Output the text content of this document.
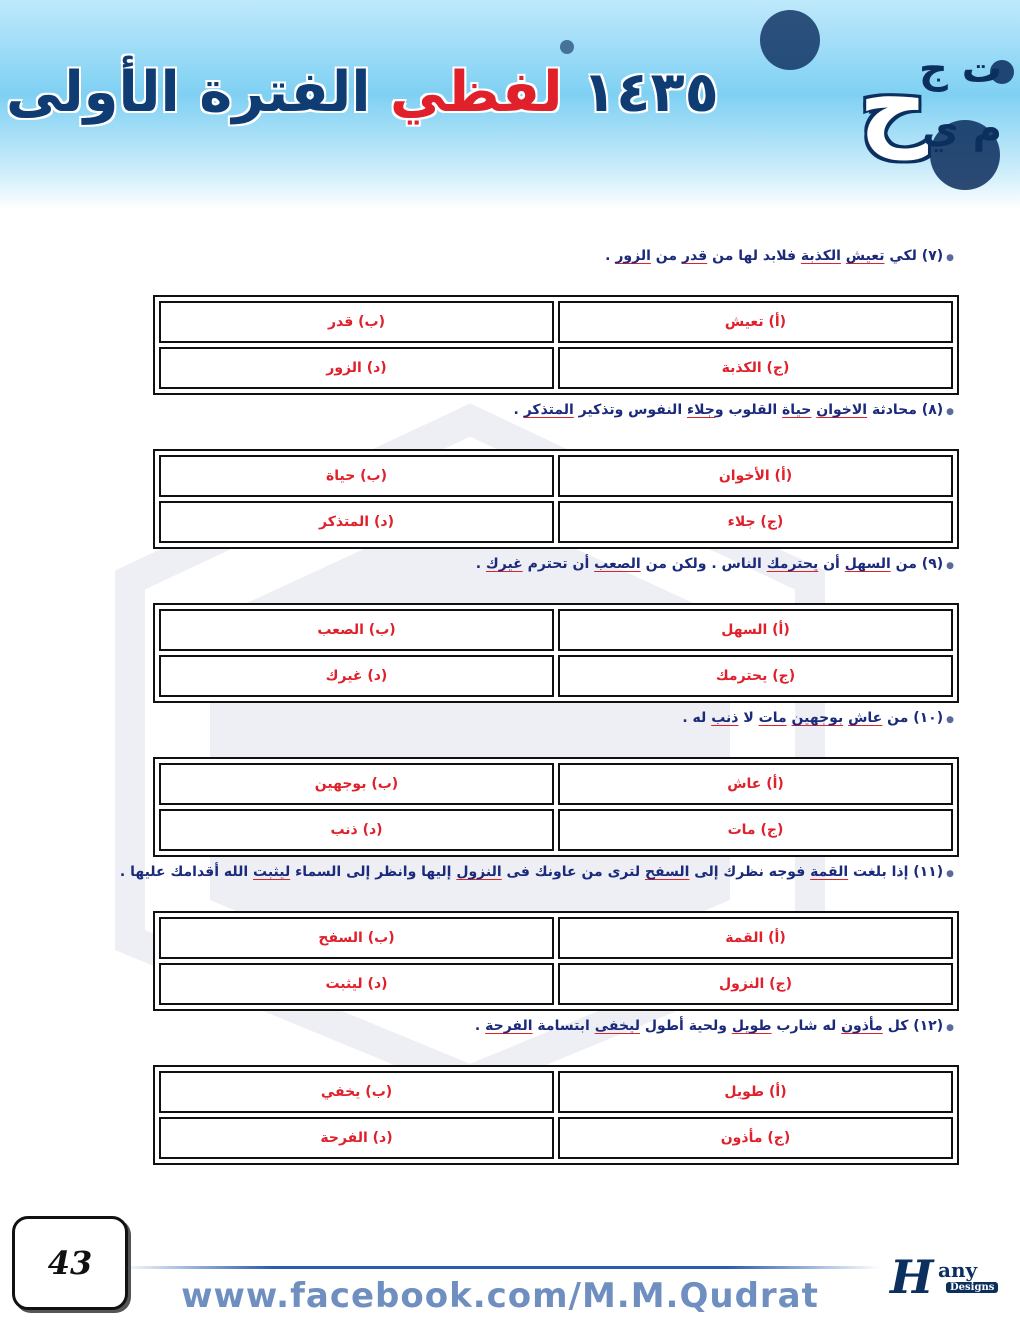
١٤٣٥ لفظي الفترة الأولى	ح
ت ج
م ي
●(٧) لكي تعيش الكذبة فلابد لها من قدر من الزور .
(أ) تعيش	(ب) قدر
(ج) الكذبة	(د) الزور
●(٨) محادثة الاخوان حياة القلوب وجلاء النفوس وتذكير المتذكر .
(أ) الأخوان	(ب) حياة
(ج) جلاء	(د) المتذكر
●(٩) من السهل أن يحترمك الناس . ولكن من الصعب أن تحترم غيرك .
(أ) السهل	(ب) الصعب
(ج) يحترمك	(د) غيرك
●(١٠) من عاش بوجهين مات لا ذنب له .
(أ) عاش	(ب) بوجهين
(ج) مات	(د) ذنب
●(١١) إذا بلغت القمة فوجه نظرك إلى السفح لترى من عاونك فى النزول إليها وانظر إلى السماء ليثبت الله أقدامك عليها .
(أ) القمة	(ب) السفح
(ج) النزول	(د) ليثبت
●(١٢) كل مأذون له شارب طويل ولحية أطول ليخفى ابتسامة الفرحة .
(أ) طويل	(ب) يخفي
(ج) مأذون	(د) الفرحة
43
www.facebook.com/M.M.Qudrat H any
Designs
